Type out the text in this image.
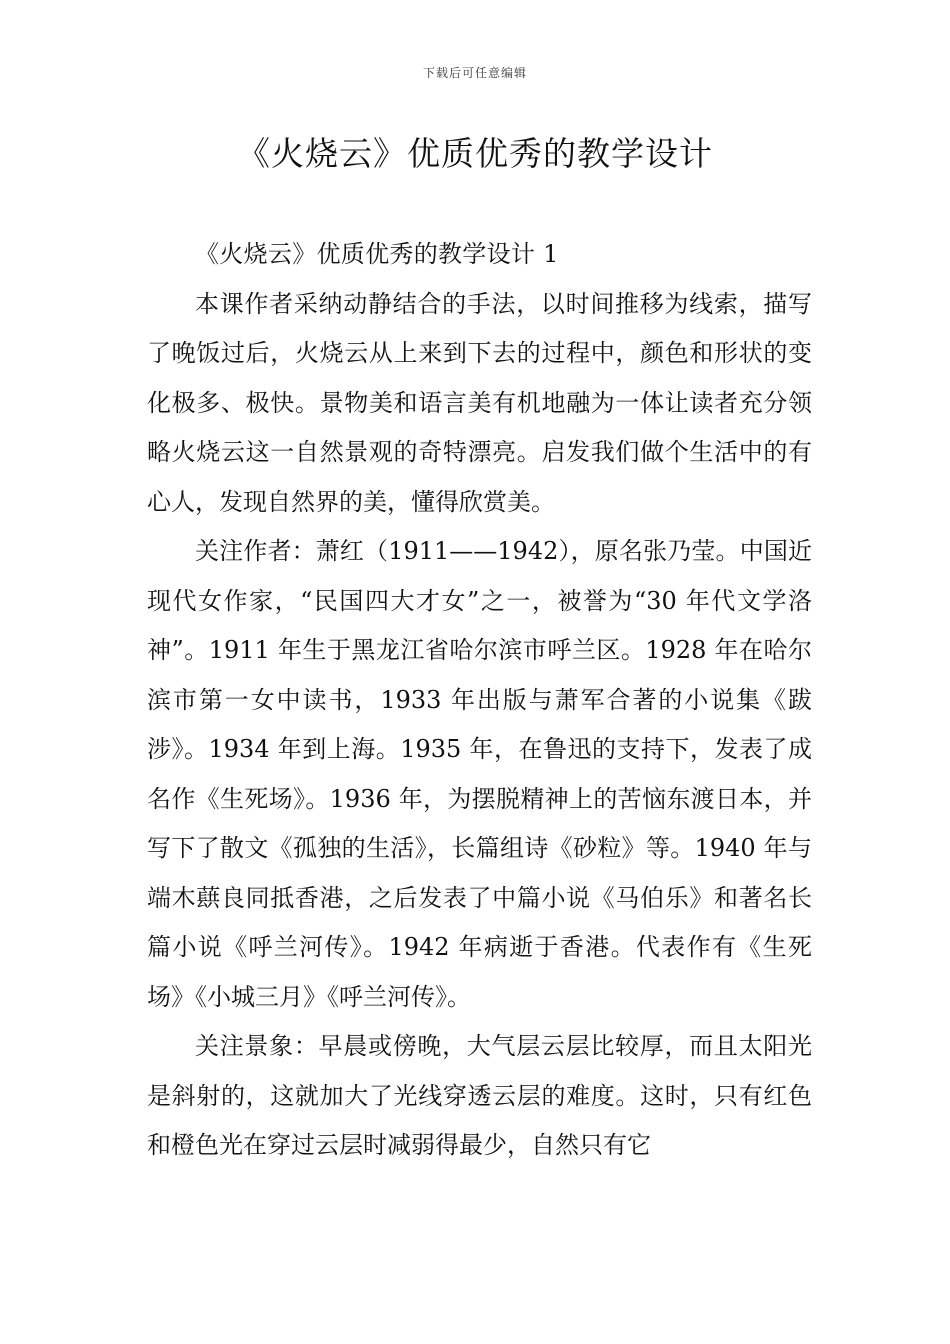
下载后可任意编辑
《火烧云》优质优秀的教学设计

《火烧云》优质优秀的教学设计 1

本课作者采纳动静结合的手法，以时间推移为线索，描写了晚饭过后，火烧云从上来到下去的过程中，颜色和形状的变化极多、极快。景物美和语言美有机地融为一体让读者充分领略火烧云这一自然景观的奇特漂亮。启发我们做个生活中的有心人，发现自然界的美，懂得欣赏美。

关注作者：萧红（1911——1942），原名张乃莹。中国近现代女作家，“民国四大才女”之一，被誉为“30 年代文学洛神”。1911 年生于黑龙江省哈尔滨市呼兰区。1928 年在哈尔滨市第一女中读书，1933 年出版与萧军合著的小说集《跋涉》。1934 年到上海。1935 年，在鲁迅的支持下，发表了成名作《生死场》。1936 年，为摆脱精神上的苦恼东渡日本，并写下了散文《孤独的生活》，长篇组诗《砂粒》等。1940 年与端木蕻良同抵香港，之后发表了中篇小说《马伯乐》和著名长篇小说《呼兰河传》。1942 年病逝于香港。代表作有《生死场》《小城三月》《呼兰河传》。

关注景象：早晨或傍晚，大气层云层比较厚，而且太阳光是斜射的，这就加大了光线穿透云层的难度。这时，只有红色和橙色光在穿过云层时减弱得最少，自然只有它
